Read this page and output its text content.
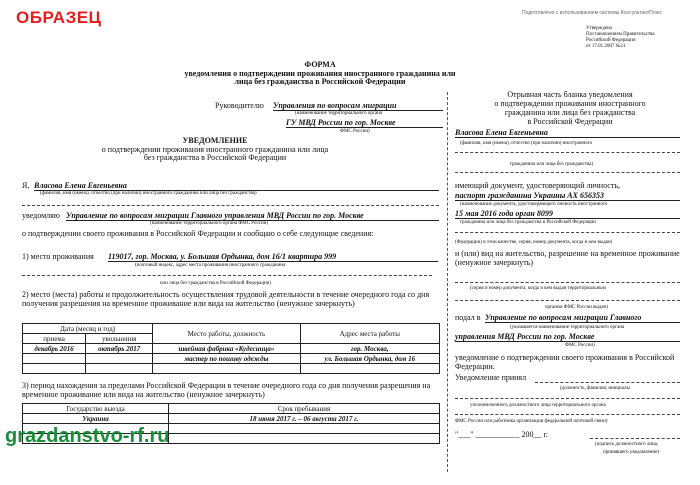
ОБРАЗЕЦ	Подготовлено с использованием системы КонсультантПлюс
Утверждена
Постановлением Правительства
Российской Федерации
от 17.01.2007 №21
ФОРМА
уведомления о подтверждении проживания иностранного гражданина или
лица без гражданства в Российской Федерации
Руководителю Управления по вопросам миграции
(наименование территориального органа
ГУ МВД России по гор. Москве
ФМС России)
УВЕДОМЛЕНИЕ
о подтверждении проживания иностранного гражданина или лица
без гражданства в Российской Федерации
Я, Власова Елена Евгеньевна
(фамилия, имя (имена), отчество (при наличии) иностранного гражданина или лица без гражданства)
уведомляю Управление по вопросам миграции Главного управления МВД России по гор. Москве
(наименование территориального органа ФМС России)
о подтверждении своего проживания в Российской Федерации и сообщаю о себе следующие сведения:
1) место проживания 119017, гор. Москва, у. Большая Ордынка, дом 16/1 квартира 999
(почтовый индекс, адрес места проживания иностранного гражданина
или лица без гражданства в Российской Федерации)
2) место (места) работы и продолжительность осуществления трудовой деятельности в течение очередного года со дня получения разрешения на временное проживание или вида на жительство (ненужное зачеркнуть)
Дата (месяц и год)		Место работы, должность	Адрес места работы
приема	увольнения		
декабрь 2016	октябрь 2017	швейная фабрика «Кудесница»	гор. Москва,
		мастер по пошиву одежды	ул. Большая Ордынка, дом 16

3) период нахождения за пределами Российской Федерации в течение очередного года со дня получения разрешения на временное проживание или вида на жительство (ненужное зачеркнуть)
Государство выезда	Срок пребывания
Украина	18 июня 2017 г. – 06 августа 2017 г.

grazdanstvo-rf.ru
Отрывная часть бланка уведомления
о подтверждении проживания иностранного
гражданина или лица без гражданства
в Российской Федерации
Власова Елена Евгеньевна
(фамилия, имя (имена), отчество (при наличии) иностранного
гражданина или лица без гражданства)
имеющий документ, удостоверяющий личность,
паспорт гражданина Украины АХ 656353
(наименование документа, удостоверяющего личность иностранного
15 мая 2016 года орган 8099
гражданина или лица без гражданства в Российской Федерации
(Федерации) в этом качестве, серия, номер документа, когда и кем выдан)
и (или) вид на жительство, разрешение на временное проживание (ненужное зачеркнуть)
(серия и номер документа, когда и кем выдан территориальным
органом ФМС России выдан)
подал в Управление по вопросам миграции Главного
(указывается наименование территориального органа
управления МВД России по гор. Москве
ФМС России)
уведомление о подтверждении своего проживания в Российской Федерации.
Уведомление принял
(должность, фамилия, инициалы
уполномоченного должностного лица территориального органа
ФМС России или работника организации федеральной почтовой связи)
"___" ___________ 200__ г.
(подпись должностного лица,
принявшего уведомление)
